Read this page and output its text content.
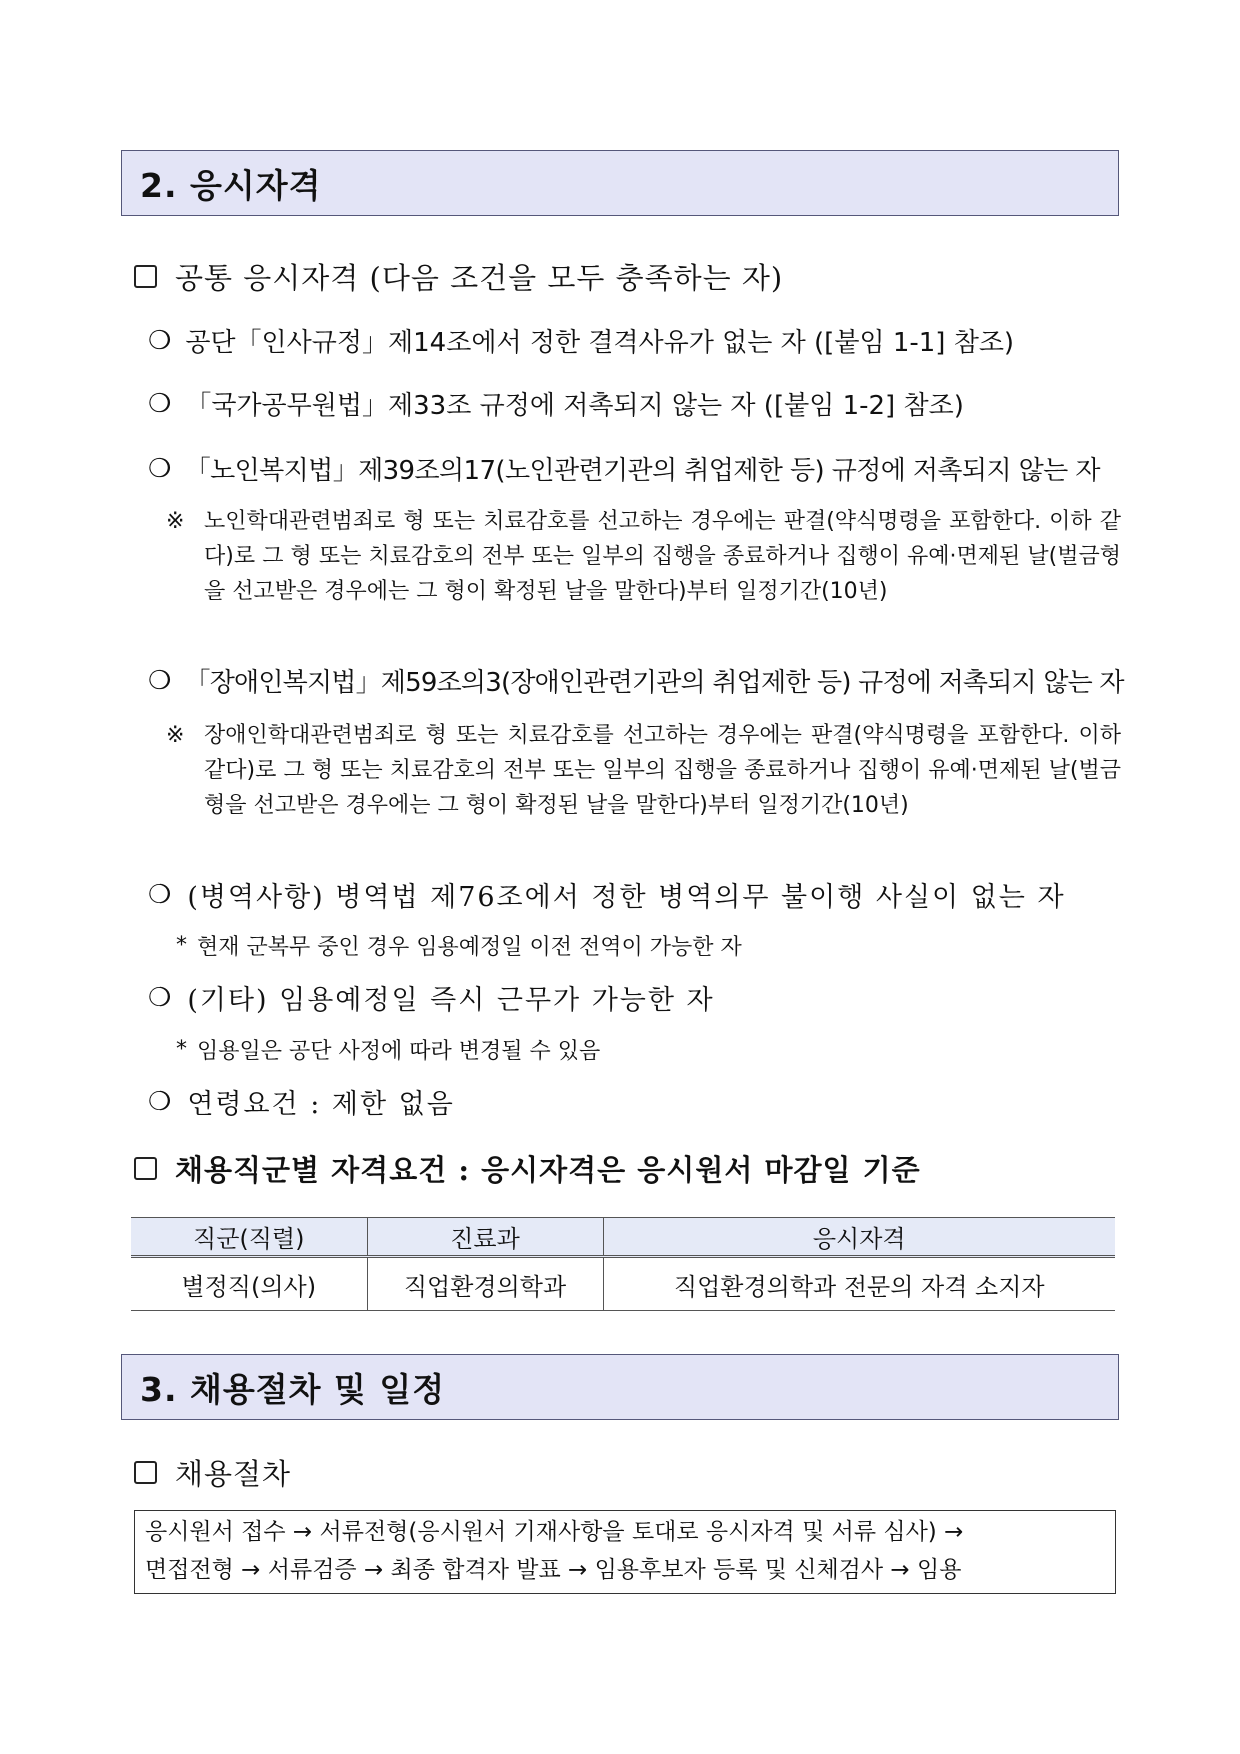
2. 응시자격
공통 응시자격 (다음 조건을 모두 충족하는 자)
❍ 공단「인사규정」제14조에서 정한 결격사유가 없는 자 ([붙임 1-1] 참조)
❍ 「국가공무원법」제33조 규정에 저촉되지 않는 자 ([붙임 1-2] 참조)
❍ 「노인복지법」제39조의17(노인관련기관의 취업제한 등) 규정에 저촉되지 않는 자
※ 노인학대관련범죄로 형 또는 치료감호를 선고하는 경우에는 판결(약식명령을 포함한다. 이하 같다)로 그 형 또는 치료감호의 전부 또는 일부의 집행을 종료하거나 집행이 유예·면제된 날(벌금형을 선고받은 경우에는 그 형이 확정된 날을 말한다)부터 일정기간(10년)
❍ 「장애인복지법」제59조의3(장애인관련기관의 취업제한 등) 규정에 저촉되지 않는 자
※ 장애인학대관련범죄로 형 또는 치료감호를 선고하는 경우에는 판결(약식명령을 포함한다. 이하 같다)로 그 형 또는 치료감호의 전부 또는 일부의 집행을 종료하거나 집행이 유예·면제된 날(벌금형을 선고받은 경우에는 그 형이 확정된 날을 말한다)부터 일정기간(10년)
❍ (병역사항) 병역법 제76조에서 정한 병역의무 불이행 사실이 없는 자
* 현재 군복무 중인 경우 임용예정일 이전 전역이 가능한 자
❍ (기타) 임용예정일 즉시 근무가 가능한 자
* 임용일은 공단 사정에 따라 변경될 수 있음
❍ 연령요건 : 제한 없음
채용직군별 자격요건 : 응시자격은 응시원서 마감일 기준
직군(직렬)	진료과	응시자격
별정직(의사)	직업환경의학과	직업환경의학과 전문의 자격 소지자
3. 채용절차 및 일정
채용절차
응시원서 접수 → 서류전형(응시원서 기재사항을 토대로 응시자격 및 서류 심사) →
면접전형 → 서류검증 → 최종 합격자 발표 → 임용후보자 등록 및 신체검사 → 임용
